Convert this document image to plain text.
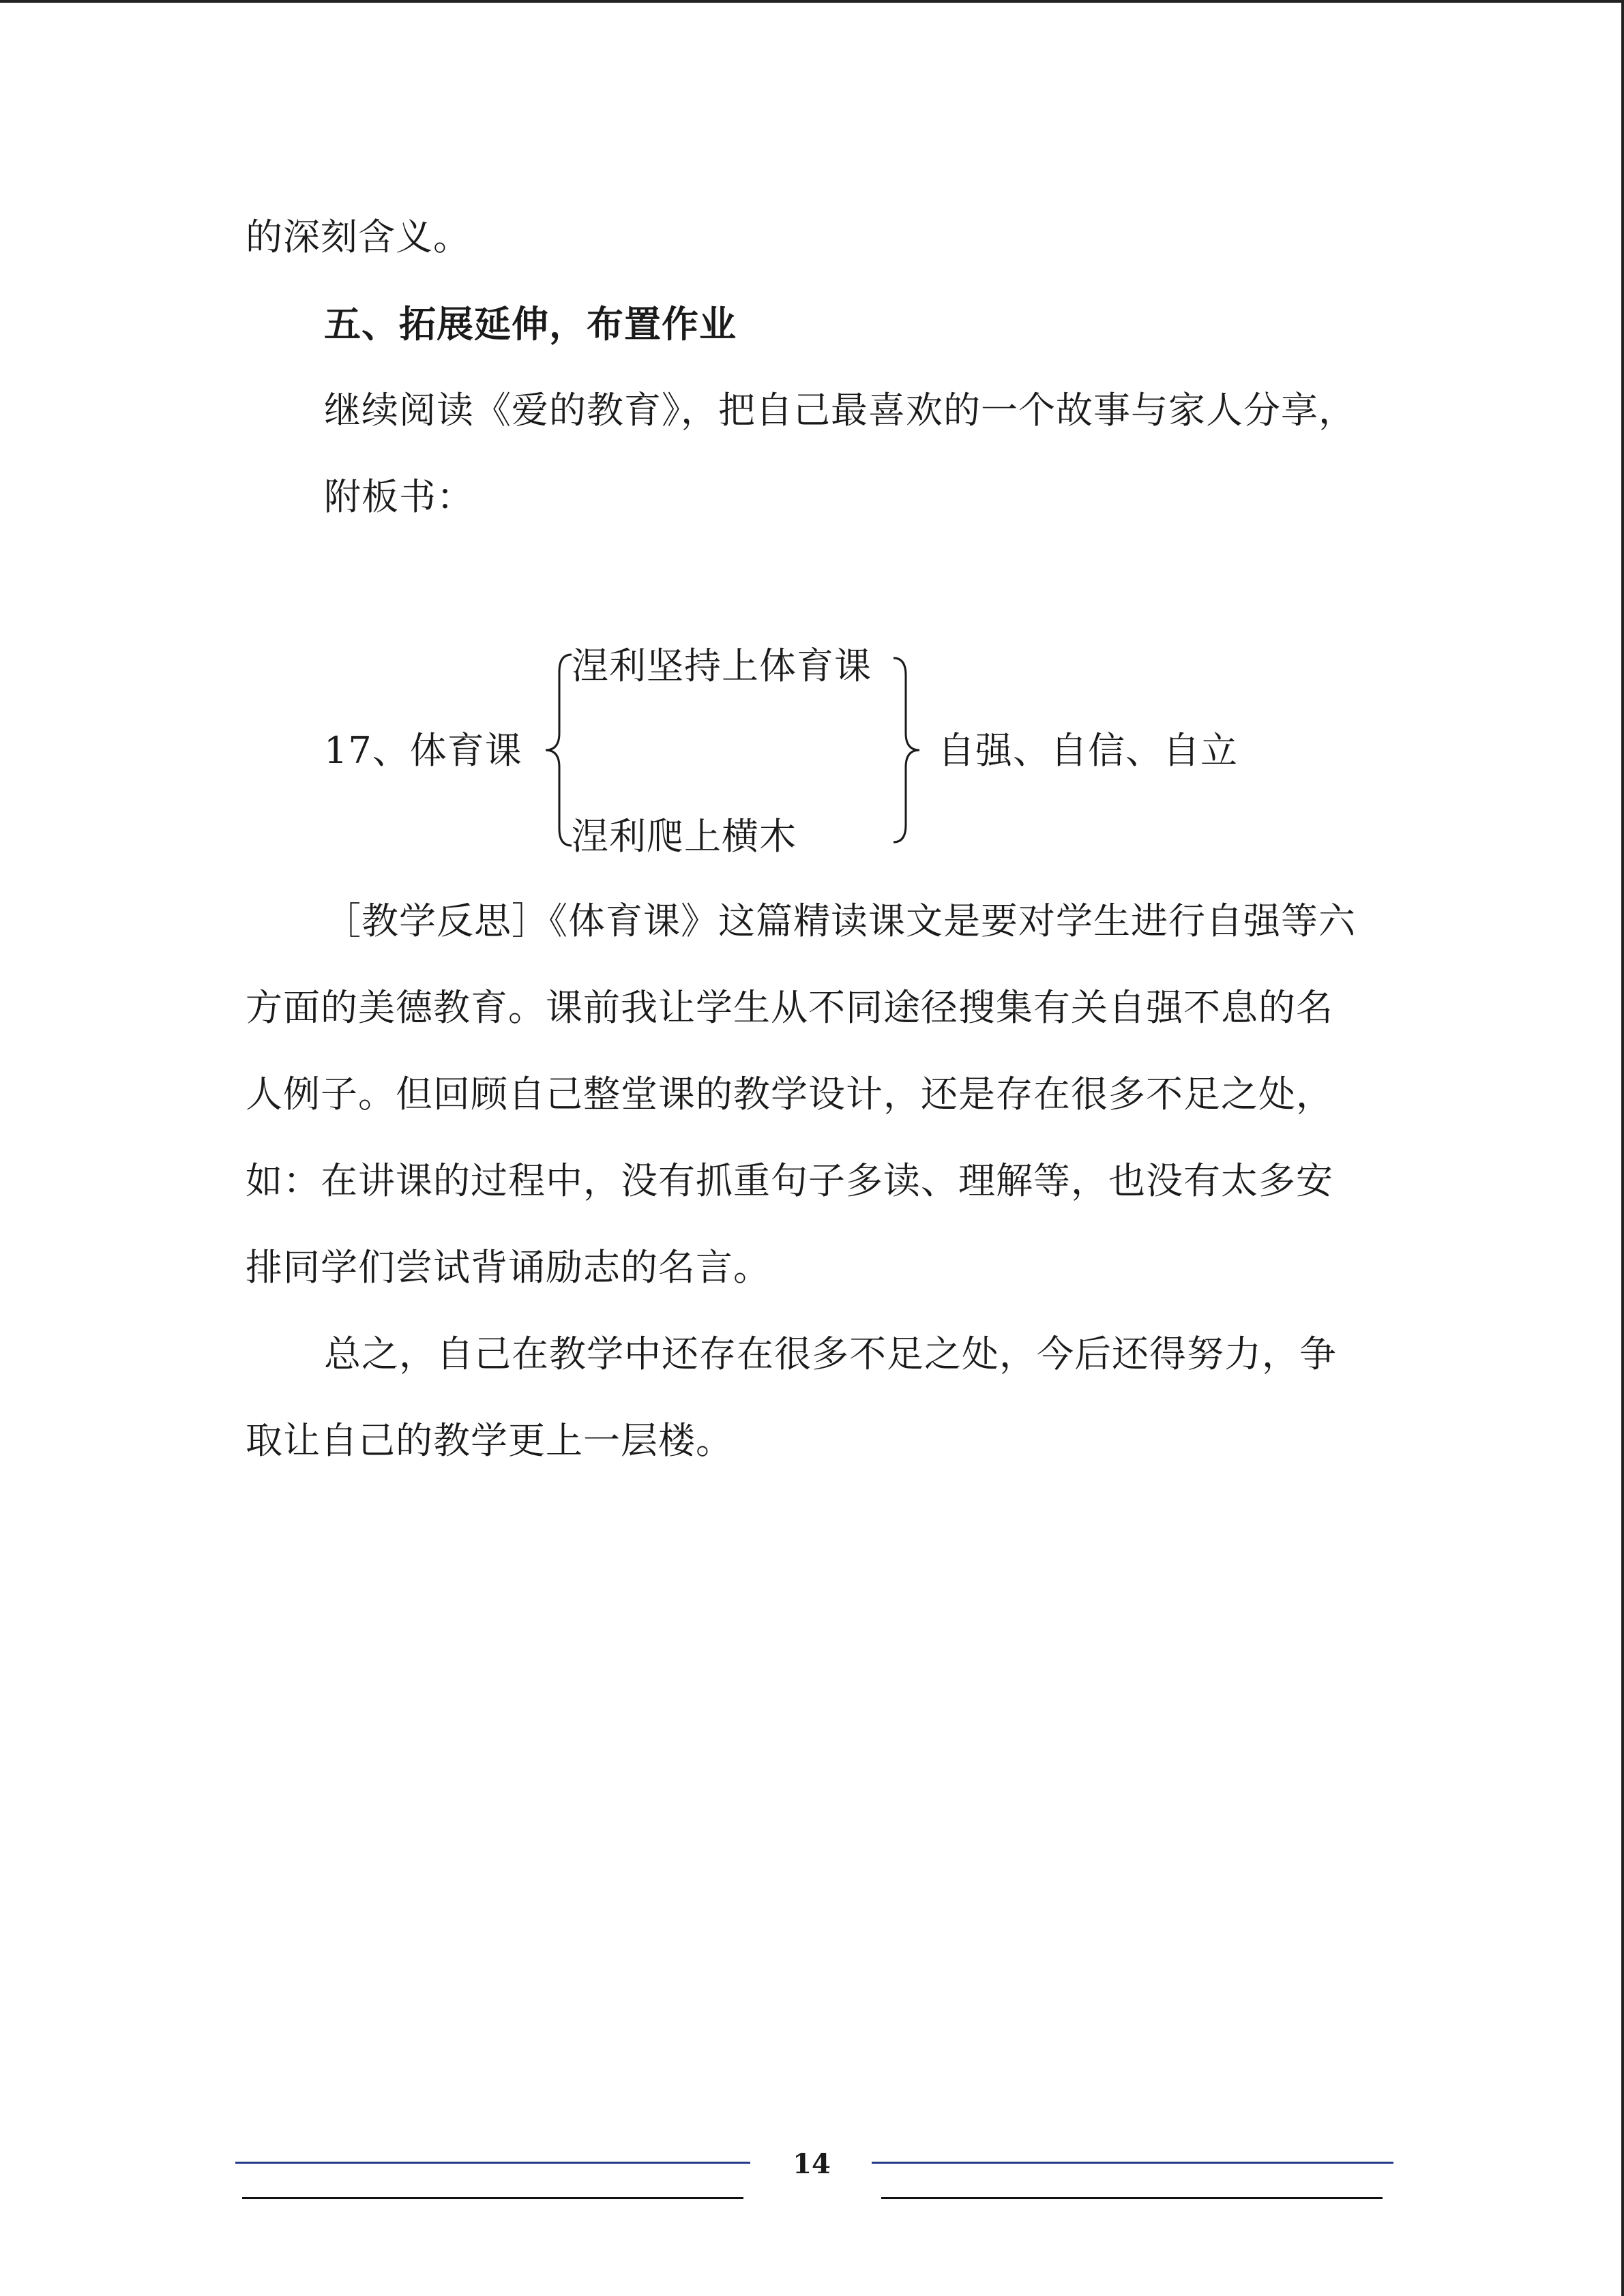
的深刻含义。
五、拓展延伸，布置作业
继续阅读《爱的教育》，把自己最喜欢的一个故事与家人分享，
附板书：
17、体育课
涅利坚持上体育课
涅利爬上横木
自强、自信、自立
［教学反思］《体育课》这篇精读课文是要对学生进行自强等六
方面的美德教育。课前我让学生从不同途径搜集有关自强不息的名
人例子。但回顾自己整堂课的教学设计，还是存在很多不足之处，
如：在讲课的过程中，没有抓重句子多读、理解等，也没有太多安
排同学们尝试背诵励志的名言。
总之，自己在教学中还存在很多不足之处，今后还得努力，争
取让自己的教学更上一层楼。
14
